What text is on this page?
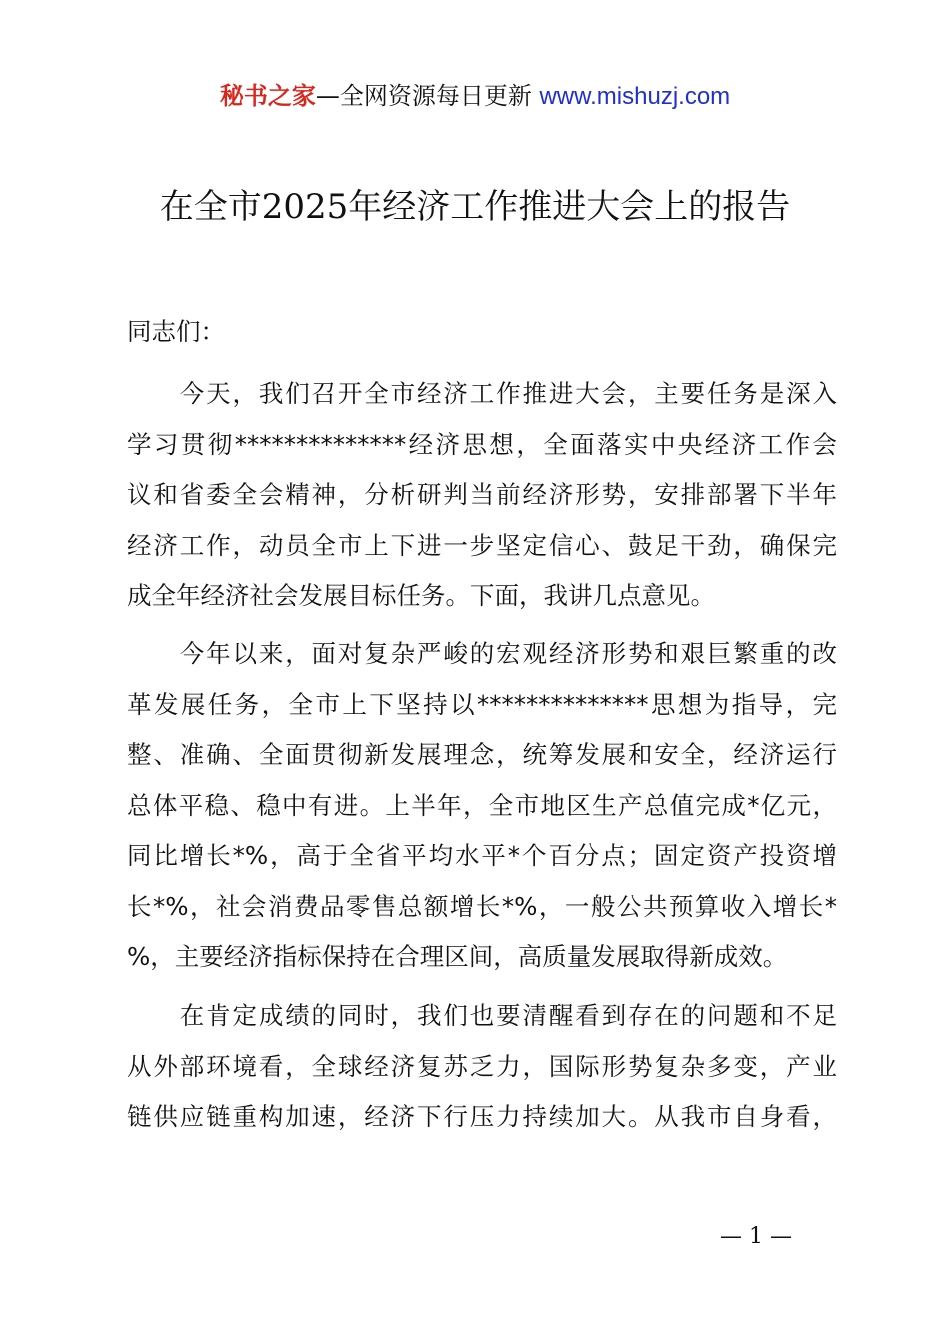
秘书之家—全网资源每日更新 www.mishuzj.com
在全市2025年经济工作推进大会上的报告
同志们：
　　今天，我们召开全市经济工作推进大会，主要任务是深入
学习贯彻**************经济思想，全面落实中央经济工作会
议和省委全会精神，分析研判当前经济形势，安排部署下半年
经济工作，动员全市上下进一步坚定信心、鼓足干劲，确保完
成全年经济社会发展目标任务。下面，我讲几点意见。
　　今年以来，面对复杂严峻的宏观经济形势和艰巨繁重的改
革发展任务，全市上下坚持以**************思想为指导，完
整、准确、全面贯彻新发展理念，统筹发展和安全，经济运行
总体平稳、稳中有进。上半年，全市地区生产总值完成*亿元，
同比增长*%，高于全省平均水平*个百分点；固定资产投资增
长*%，社会消费品零售总额增长*%，一般公共预算收入增长*
%，主要经济指标保持在合理区间，高质量发展取得新成效。
　　在肯定成绩的同时，我们也要清醒看到存在的问题和不足
从外部环境看，全球经济复苏乏力，国际形势复杂多变，产业
链供应链重构加速，经济下行压力持续加大。从我市自身看，
— 1 —
